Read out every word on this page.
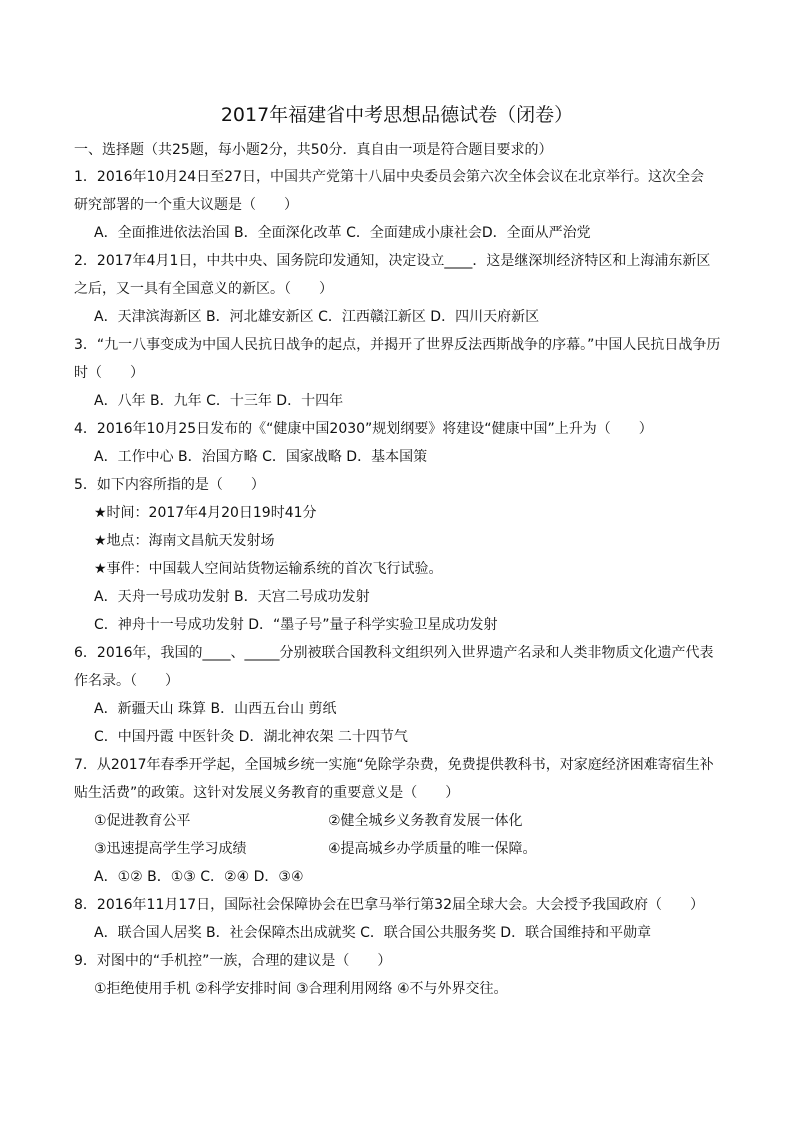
2017年福建省中考思想品德试卷（闭卷）
一、选择题（共25题，每小题2分，共50分．真自由一项是符合题目要求的）
1．2016年10月24日至27日，中国共产党第十八届中央委员会第六次全体会议在北京举行。这次全会
研究部署的一个重大议题是（　　）
A．全面推进依法治国 B．全面深化改革 C．全面建成小康社会D．全面从严治党
2．2017年4月1日，中共中央、国务院印发通知，决定设立____．这是继深圳经济特区和上海浦东新区
之后，又一具有全国意义的新区。（　　）
A．天津滨海新区 B．河北雄安新区 C．江西赣江新区 D．四川天府新区
3．“九一八事变成为中国人民抗日战争的起点，并揭开了世界反法西斯战争的序幕。”中国人民抗日战争历
时（　　）
A．八年 B．九年 C．十三年 D．十四年
4．2016年10月25日发布的《“健康中国2030”规划纲要》将建设“健康中国”上升为（　　）
A．工作中心 B．治国方略 C．国家战略 D．基本国策
5．如下内容所指的是（　　）
★时间：2017年4月20日19时41分
★地点：海南文昌航天发射场
★事件：中国载人空间站货物运输系统的首次飞行试验。
A．天舟一号成功发射 B．天宫二号成功发射
C．神舟十一号成功发射 D．“墨子号”量子科学实验卫星成功发射
6．2016年，我国的____、_____分别被联合国教科文组织列入世界遗产名录和人类非物质文化遗产代表
作名录。（　　）
A．新疆天山 珠算 B．山西五台山 剪纸
C．中国丹霞 中医针灸 D．湖北神农架 二十四节气
7．从2017年春季开学起，全国城乡统一实施“免除学杂费，免费提供教科书，对家庭经济困难寄宿生补
贴生活费”的政策。这针对发展义务教育的重要意义是（　　）
①促进教育公平	②健全城乡义务教育发展一体化
③迅速提高学生学习成绩	④提高城乡办学质量的唯一保障。
A．①② B．①③ C．②④ D．③④
8．2016年11月17日，国际社会保障协会在巴拿马举行第32届全球大会。大会授予我国政府（　　）
A．联合国人居奖 B．社会保障杰出成就奖 C．联合国公共服务奖 D．联合国维持和平勋章
9．对图中的“手机控”一族，合理的建议是（　　）
①拒绝使用手机 ②科学安排时间 ③合理利用网络 ④不与外界交往。
